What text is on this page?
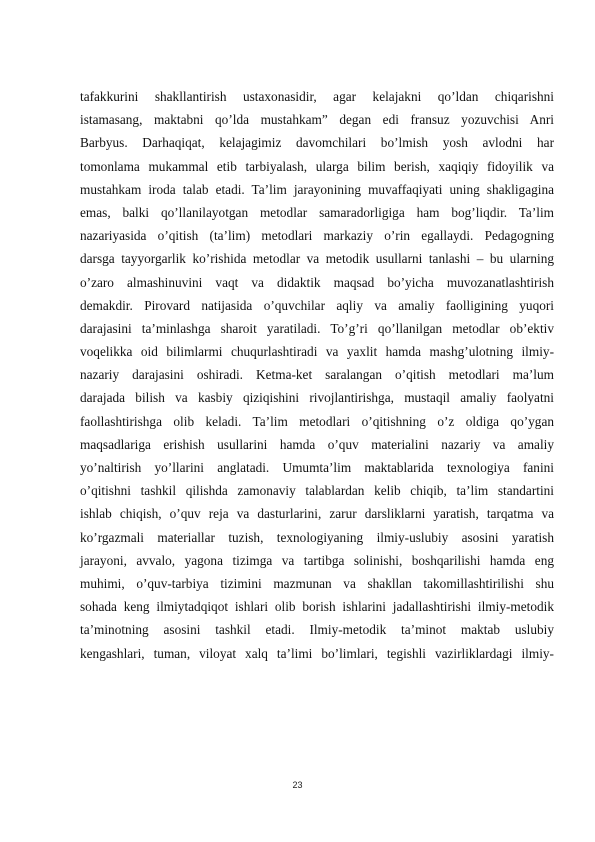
tafakkurini shakllantirish ustaxonasidir, agar kelajakni qo’ldan chiqarishni
istamasang, maktabni qo’lda mustahkam” degan edi fransuz yozuvchisi Anri
Barbyus. Darhaqiqat, kelajagimiz davomchilari bo’lmish yosh avlodni har
tomonlama mukammal etib tarbiyalash, ularga bilim berish, xaqiqiy fidoyilik va
mustahkam iroda talab etadi. Ta’lim jarayonining muvaffaqiyati uning shakligagina
emas, balki qo’llanilayotgan metodlar samaradorligiga ham bog’liqdir. Ta’lim
nazariyasida o’qitish (ta’lim) metodlari markaziy o’rin egallaydi. Pedagogning
darsga tayyorgarlik ko’rishida metodlar va metodik usullarni tanlashi – bu ularning
o’zaro almashinuvini vaqt va didaktik maqsad bo’yicha muvozanatlashtirish
demakdir. Pirovard natijasida o’quvchilar aqliy va amaliy faolligining yuqori
darajasini ta’minlashga sharoit yaratiladi. To’g’ri qo’llanilgan metodlar ob’ektiv
voqelikka oid bilimlarmi chuqurlashtiradi va yaxlit hamda mashg’ulotning ilmiy-
nazariy darajasini oshiradi. Ketma-ket saralangan o’qitish metodlari ma’lum
darajada bilish va kasbiy qiziqishini rivojlantirishga, mustaqil amaliy faolyatni
faollashtirishga olib keladi. Ta’lim metodlari o’qitishning o’z oldiga qo’ygan
maqsadlariga erishish usullarini hamda o’quv materialini nazariy va amaliy
yo’naltirish yo’llarini anglatadi. Umumta’lim maktablarida texnologiya fanini
o’qitishni tashkil qilishda zamonaviy talablardan kelib chiqib, ta’lim standartini
ishlab chiqish, o’quv reja va dasturlarini, zarur darsliklarni yaratish, tarqatma va
ko’rgazmali materiallar tuzish, texnologiyaning ilmiy-uslubiy asosini yaratish
jarayoni, avvalo, yagona tizimga va tartibga solinishi, boshqarilishi hamda eng
muhimi, o’quv-tarbiya tizimini mazmunan va shakllan takomillashtirilishi shu
sohada keng ilmiytadqiqot ishlari olib borish ishlarini jadallashtirishi ilmiy-metodik
ta’minotning asosini tashkil etadi. Ilmiy-metodik ta’minot maktab uslubiy
kengashlari, tuman, viloyat xalq ta’limi bo’limlari, tegishli vazirliklardagi ilmiy-
23
